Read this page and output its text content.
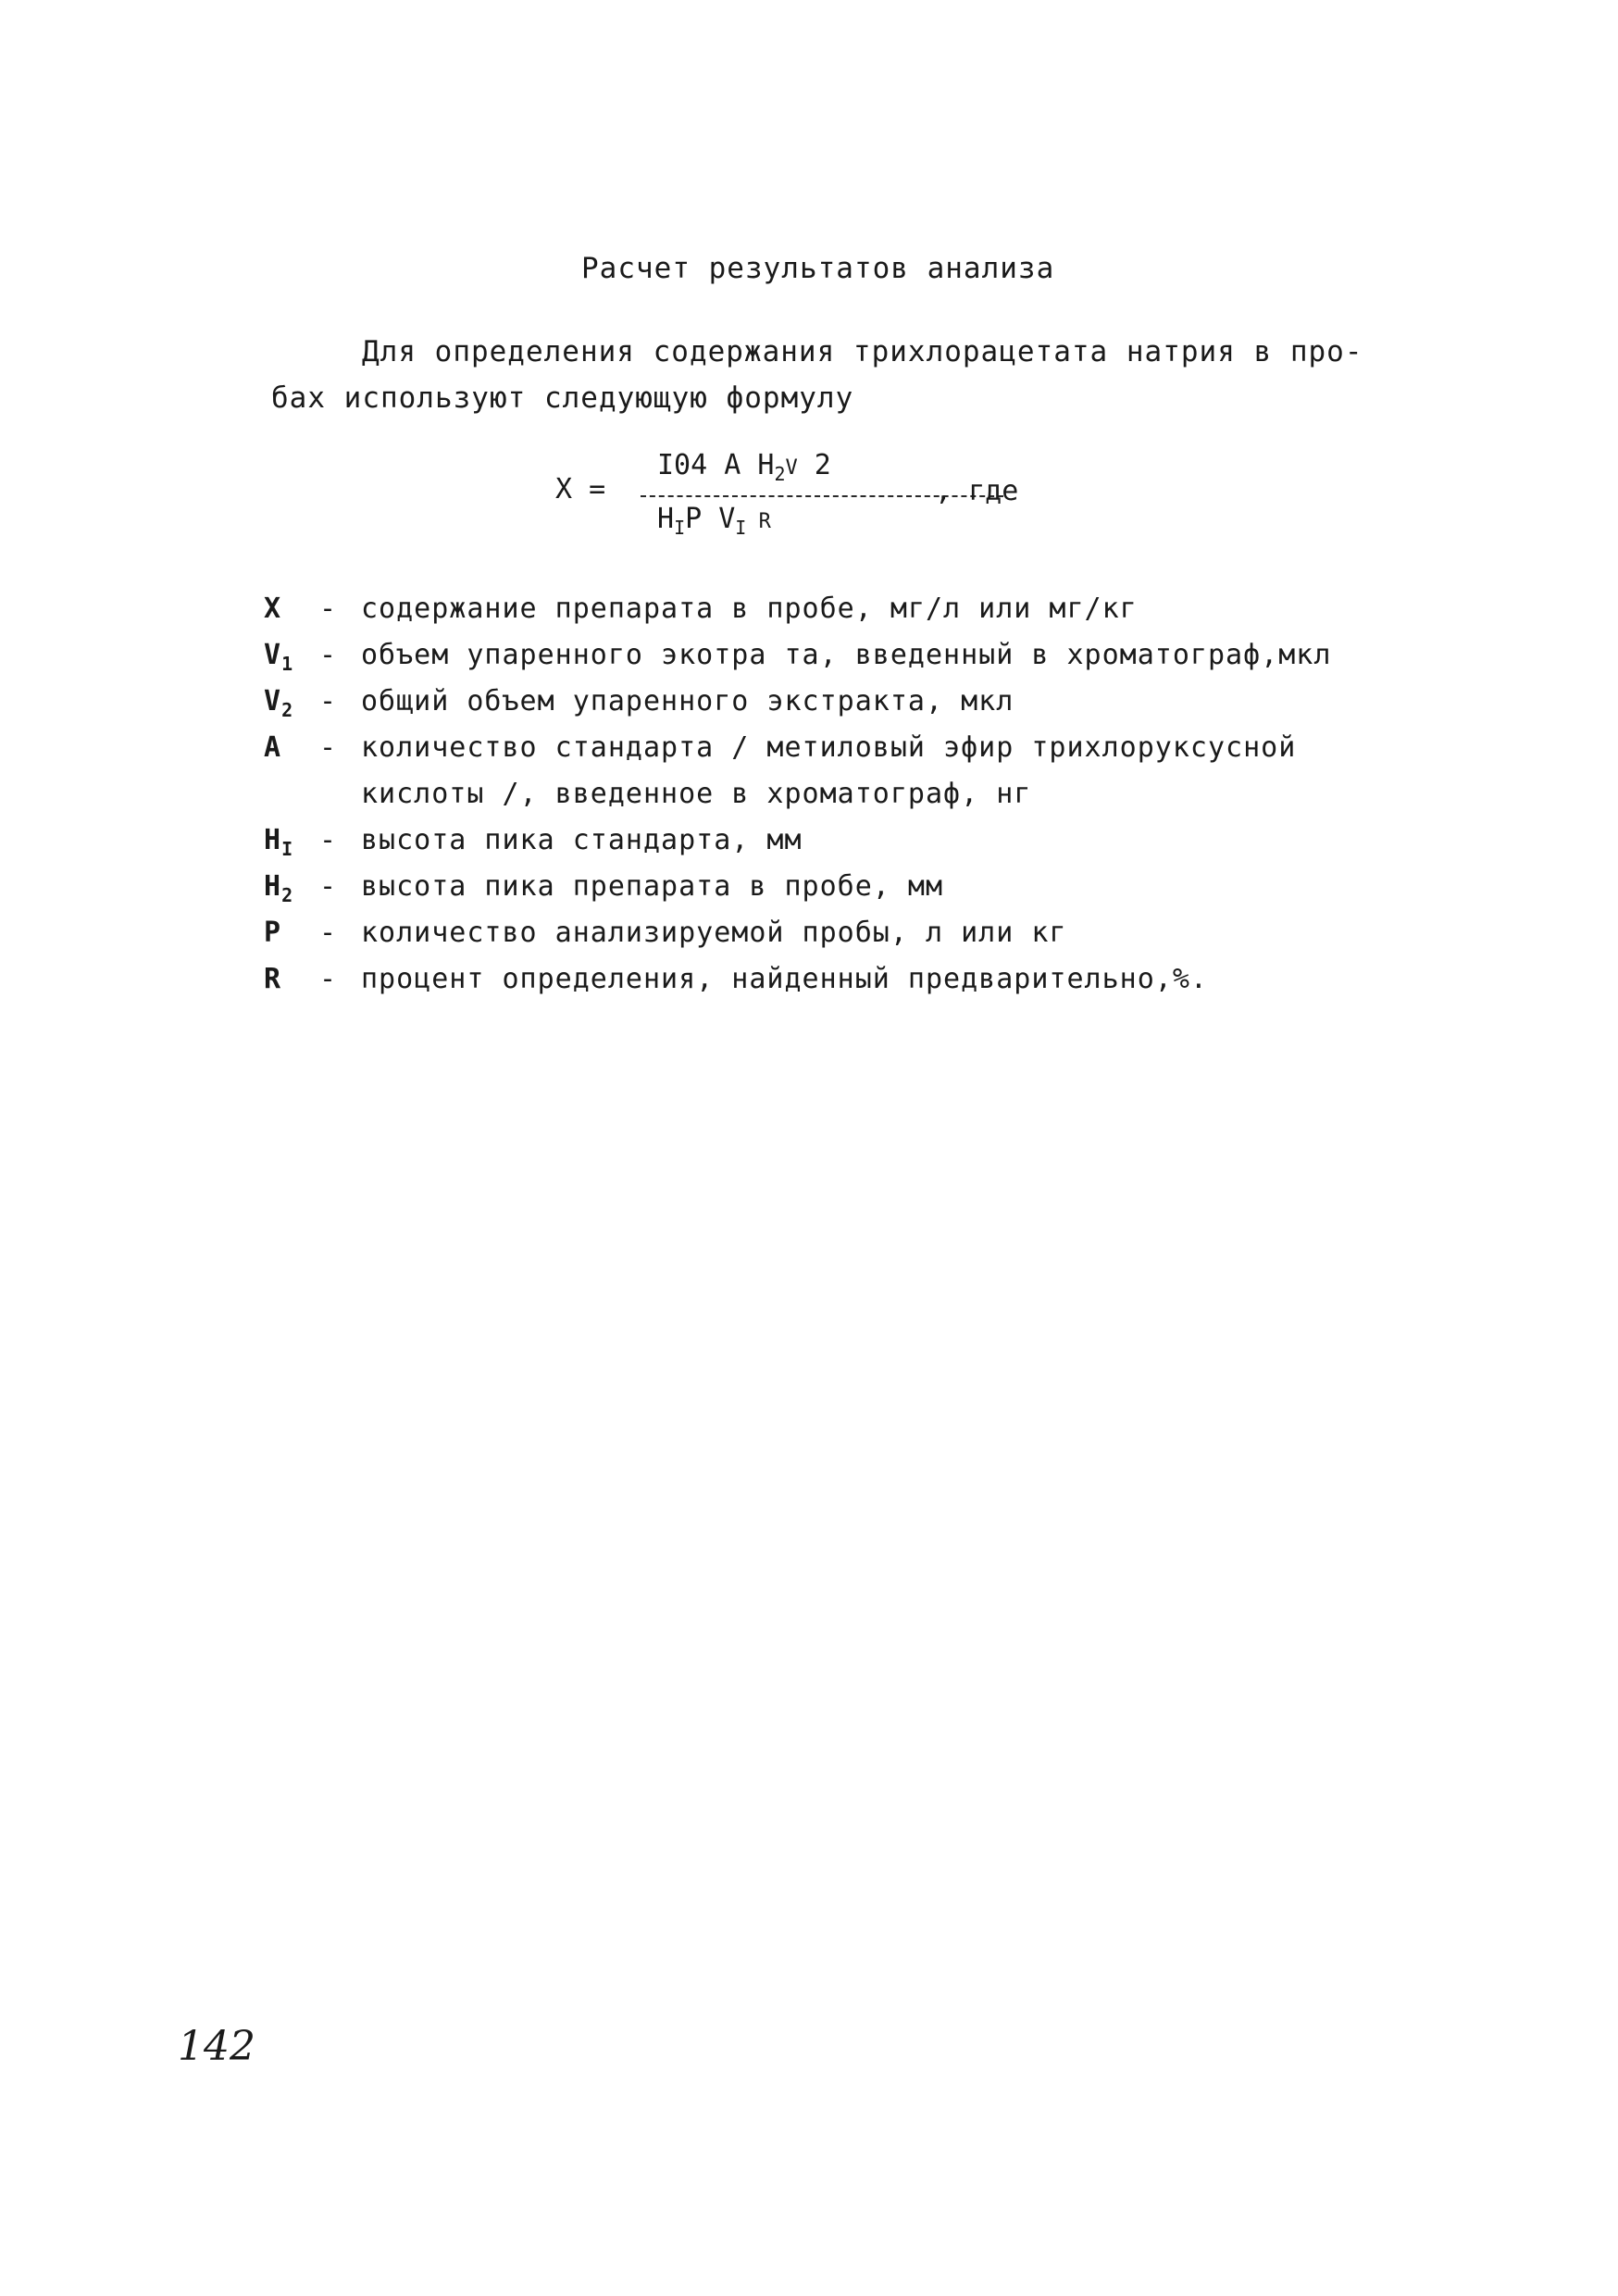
Расчет результатов анализа
Для определения содержания трихлорацетата натрия в про-
бах используют следующую формулу
X =
I04 A $H_2V$ 2
$H_IP$ $V_I$ R
, где
X	- содержание препарата в пробе, мг/л или мг/кг
$V_1$ - объем упаренного экотра та, введенный в хроматограф,мкл
$V_2$ - общий объем упаренного экстракта, мкл
A	- количество стандарта / метиловый эфир трихлоруксусной
кислоты /, введенное в хроматограф, нг
$H_I$ - высота пика стандарта, мм
$H_2$ - высота пика препарата в пробе, мм
P	- количество анализируемой пробы, л или кг
R	- процент определения, найденный предварительно,%.
142
